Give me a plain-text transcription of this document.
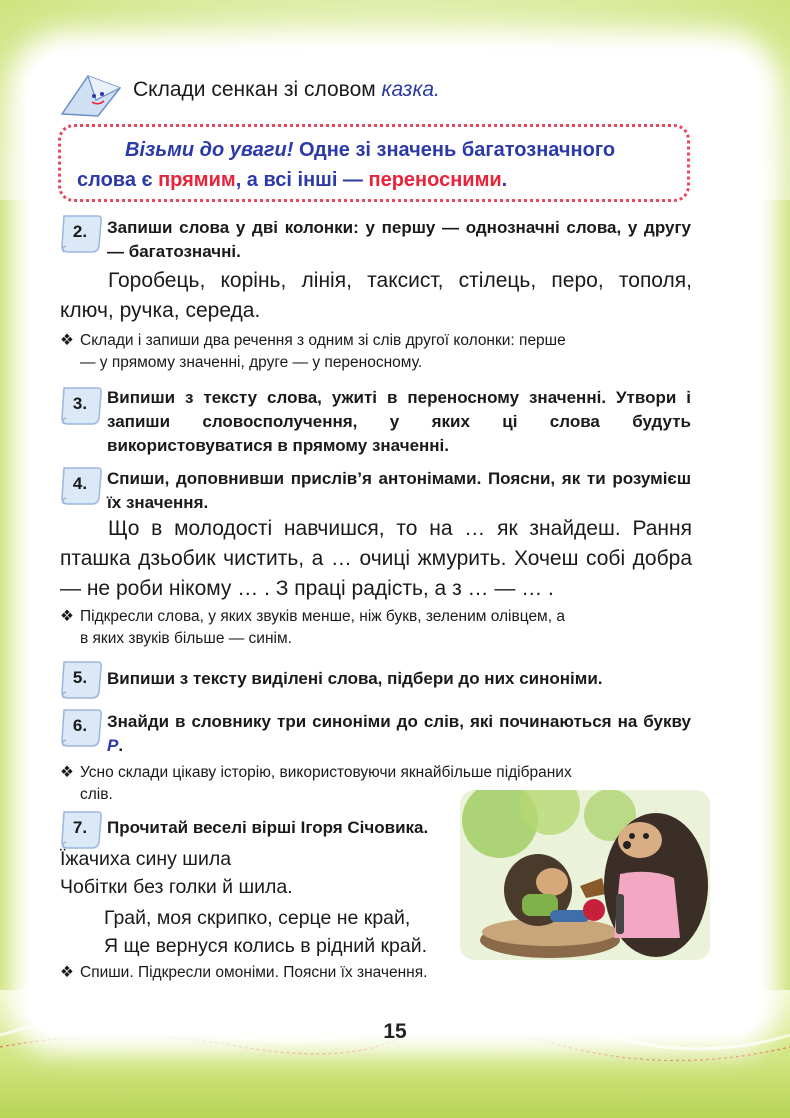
Склади сенкан зі словом казка.
Візьми до уваги! Одне зі значень багатозначного слова є прямим, а всі інші — переносними.
2.	Запиши слова у дві колонки: у першу — однозначні слова, у другу — багатозначні.
Горобець, корінь, лінія, таксист, стілець, перо, тополя, ключ, ручка, середа.
❖ Склади і запиши два речення з одним зі слів другої колонки: перше
— у прямому значенні, друге — у переносному.
3.	Випиши з тексту слова, ужиті в переносному значенні. Утвори і запиши словосполучення, у яких ці слова будуть використовуватися в прямому значенні.
4.	Спиши, доповнивши прислів’я антонімами. Поясни, як ти розумієш їх значення.
Що в молодості навчишся, то на … як знайдеш. Рання пташка дзьобик чистить, а … очиці жмурить. Хочеш собі добра — не роби нікому … . З праці радість, а з … — … .
❖ Підкресли слова, у яких звуків менше, ніж букв, зеленим олівцем, а
в яких звуків більше — синім.
5.	Випиши з тексту виділені слова, підбери до них синоніми.
6.	Знайди в словнику три синоніми до слів, які починаються на букву Р.
❖ Усно склади цікаву історію, використовуючи якнайбільше підібраних
слів.
7.	Прочитай веселі вірші Ігоря Січовика.
Їжачиха сину шила
Чобітки без голки й шила.
Грай, моя скрипко, серце не край,
Я ще вернуся колись в рідний край.
❖ Спиши. Підкресли омоніми. Поясни їх значення.
15
